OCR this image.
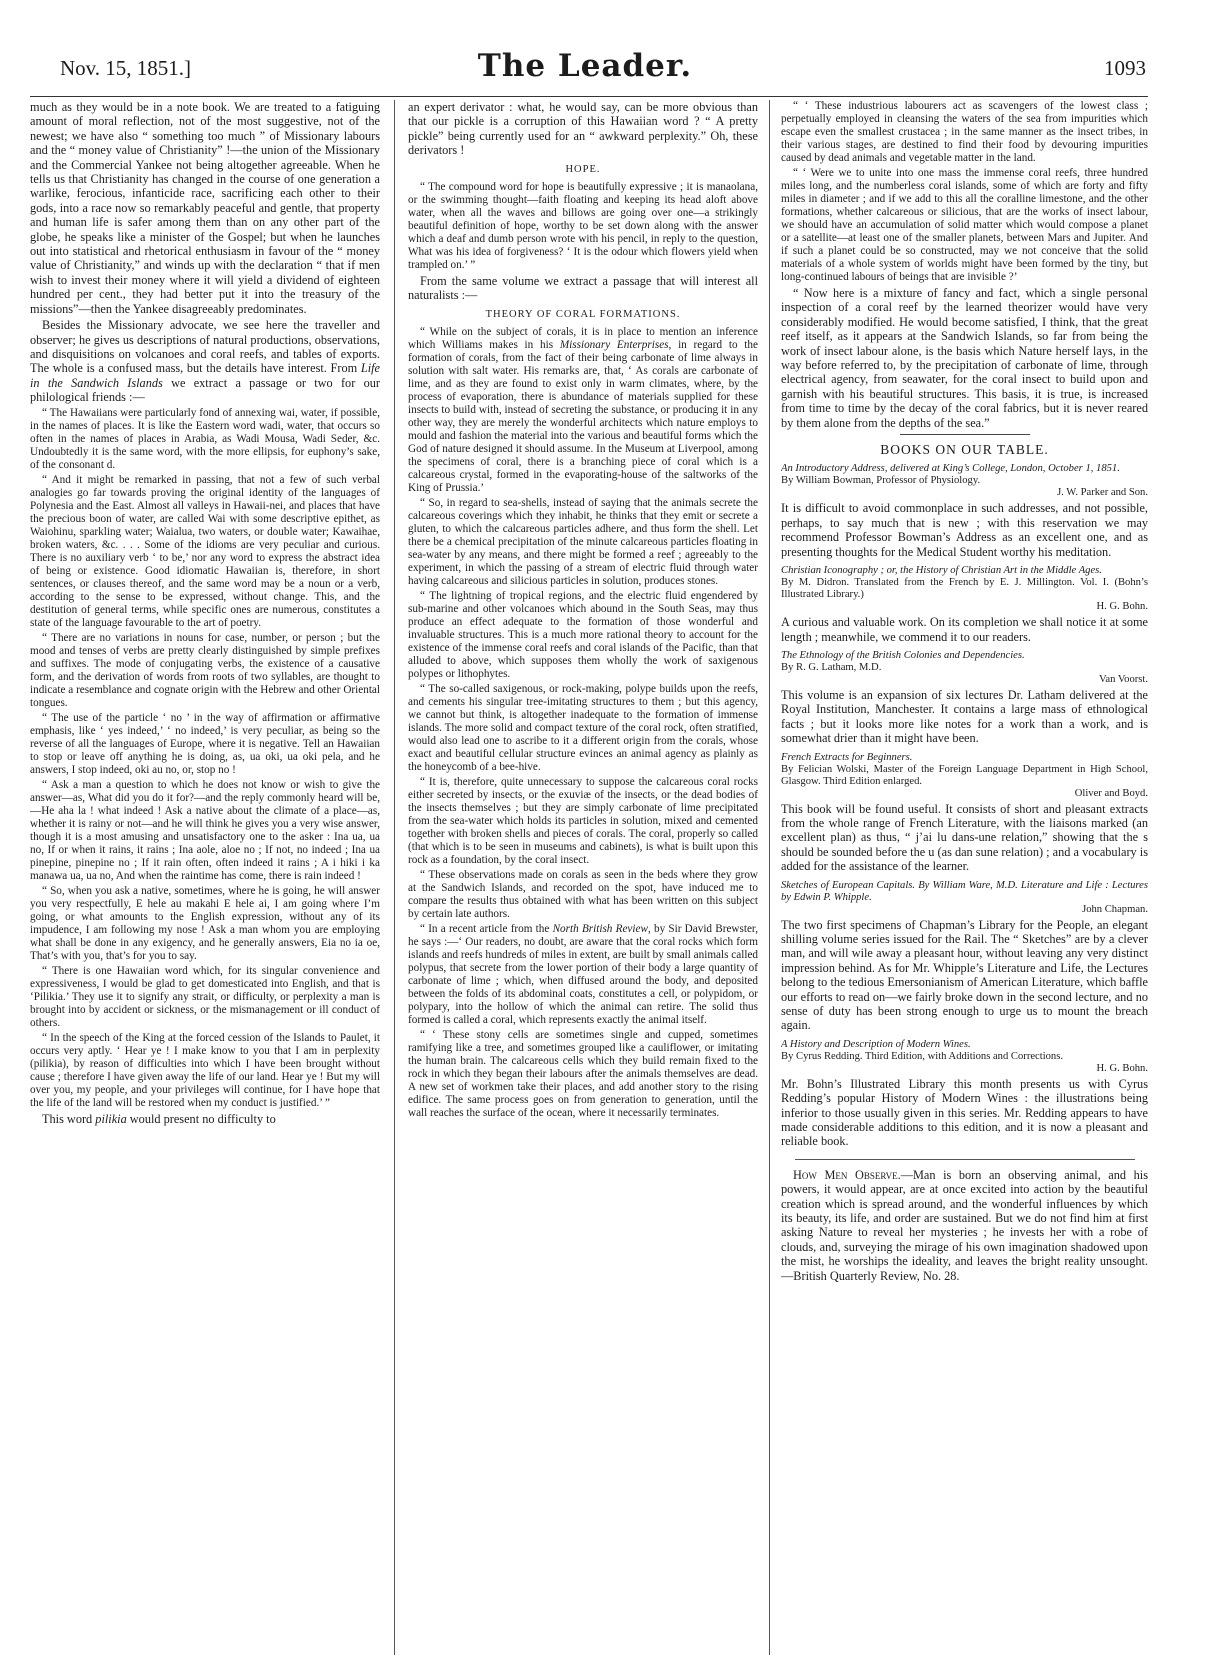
Nov. 15, 1851.]	The Leader.	1093

much as they would be in a note book. We are treated to a fatiguing amount of moral reflection, not of the most suggestive, not of the newest; we have also “ something too much ” of Missionary labours and the “ money value of Christianity” !—the union of the Missionary and the Commercial Yankee not being altogether agreeable. When he tells us that Christianity has changed in the course of one generation a warlike, ferocious, infanticide race, sacrificing each other to their gods, into a race now so remarkably peaceful and gentle, that property and human life is safer among them than on any other part of the globe, he speaks like a minister of the Gospel; but when he launches out into statistical and rhetorical enthusiasm in favour of the “ money value of Christianity,” and winds up with the declaration “ that if men wish to invest their money where it will yield a dividend of eighteen hundred per cent., they had better put it into the treasury of the missions”—then the Yankee disagreeably predominates.

Besides the Missionary advocate, we see here the traveller and observer; he gives us descriptions of natural productions, observations, and disquisitions on volcanoes and coral reefs, and tables of exports. The whole is a confused mass, but the details have interest. From Life in the Sandwich Islands we extract a passage or two for our philological friends :—

“ The Hawaiians were particularly fond of annexing wai, water, if possible, in the names of places. It is like the Eastern word wadi, water, that occurs so often in the names of places in Arabia, as Wadi Mousa, Wadi Seder, &c. Undoubtedly it is the same word, with the more ellipsis, for euphony’s sake, of the consonant d.

“ And it might be remarked in passing, that not a few of such verbal analogies go far towards proving the original identity of the languages of Polynesia and the East. Almost all valleys in Hawaii-nei, and places that have the precious boon of water, are called Wai with some descriptive epithet, as Waiohinu, sparkling water; Waialua, two waters, or double water; Kawaihae, broken waters, &c. . . . Some of the idioms are very peculiar and curious. There is no auxiliary verb ‘ to be,’ nor any word to express the abstract idea of being or existence. Good idiomatic Hawaiian is, therefore, in short sentences, or clauses thereof, and the same word may be a noun or a verb, according to the sense to be expressed, without change. This, and the destitution of general terms, while specific ones are numerous, constitutes a state of the language favourable to the art of poetry.

“ There are no variations in nouns for case, number, or person ; but the mood and tenses of verbs are pretty clearly distinguished by simple prefixes and suffixes. The mode of conjugating verbs, the existence of a causative form, and the derivation of words from roots of two syllables, are thought to indicate a resemblance and cognate origin with the Hebrew and other Oriental tongues.

“ The use of the particle ‘ no ’ in the way of affirmation or affirmative emphasis, like ‘ yes indeed,’ ‘ no indeed,’ is very peculiar, as being so the reverse of all the languages of Europe, where it is negative. Tell an Hawaiian to stop or leave off anything he is doing, as, ua oki, ua oki pela, and he answers, I stop indeed, oki au no, or, stop no !

“ Ask a man a question to which he does not know or wish to give the answer—as, What did you do it for?—and the reply commonly heard will be,—He aha la ! what indeed ! Ask a native about the climate of a place—as, whether it is rainy or not—and he will think he gives you a very wise answer, though it is a most amusing and unsatisfactory one to the asker : Ina ua, ua no, If or when it rains, it rains ; Ina aole, aloe no ; If not, no indeed ; Ina ua pinepine, pinepine no ; If it rain often, often indeed it rains ; A i hiki i ka manawa ua, ua no, And when the raintime has come, there is rain indeed !

“ So, when you ask a native, sometimes, where he is going, he will answer you very respectfully, E hele au makahi E hele ai, I am going where I’m going, or what amounts to the English expression, without any of its impudence, I am following my nose ! Ask a man whom you are employing what shall be done in any exigency, and he generally answers, Eia no ia oe, That’s with you, that’s for you to say.

“ There is one Hawaiian word which, for its singular convenience and expressiveness, I would be glad to get domesticated into English, and that is ‘Pilikia.’ They use it to signify any strait, or difficulty, or perplexity a man is brought into by accident or sickness, or the mismanagement or ill conduct of others.

“ In the speech of the King at the forced cession of the Islands to Paulet, it occurs very aptly. ‘ Hear ye ! I make know to you that I am in perplexity (pilikia), by reason of difficulties into which I have been brought without cause ; therefore I have given away the life of our land. Hear ye ! But my will over you, my people, and your privileges will continue, for I have hope that the life of the land will be restored when my conduct is justified.’ ”

This word pilikia would present no difficulty to

an expert derivator : what, he would say, can be more obvious than that our pickle is a corruption of this Hawaiian word ? “ A pretty pickle” being currently used for an “ awkward perplexity.” Oh, these derivators !

HOPE.

“ The compound word for hope is beautifully expressive ; it is manaolana, or the swimming thought—faith floating and keeping its head aloft above water, when all the waves and billows are going over one—a strikingly beautiful definition of hope, worthy to be set down along with the answer which a deaf and dumb person wrote with his pencil, in reply to the question, What was his idea of forgiveness? ‘ It is the odour which flowers yield when trampled on.’ ”

From the same volume we extract a passage that will interest all naturalists :—

THEORY OF CORAL FORMATIONS.

“ While on the subject of corals, it is in place to mention an inference which Williams makes in his Missionary Enterprises, in regard to the formation of corals, from the fact of their being carbonate of lime always in solution with salt water. His remarks are, that, ‘ As corals are carbonate of lime, and as they are found to exist only in warm climates, where, by the process of evaporation, there is abundance of materials supplied for these insects to build with, instead of secreting the substance, or producing it in any other way, they are merely the wonderful architects which nature employs to mould and fashion the material into the various and beautiful forms which the God of nature designed it should assume. In the Museum at Liverpool, among the specimens of coral, there is a branching piece of coral which is a calcareous crystal, formed in the evaporating-house of the saltworks of the King of Prussia.’

“ So, in regard to sea-shells, instead of saying that the animals secrete the calcareous coverings which they inhabit, he thinks that they emit or secrete a gluten, to which the calcareous particles adhere, and thus form the shell. Let there be a chemical precipitation of the minute calcareous particles floating in sea-water by any means, and there might be formed a reef ; agreeably to the experiment, in which the passing of a stream of electric fluid through water having calcareous and silicious particles in solution, produces stones.

“ The lightning of tropical regions, and the electric fluid engendered by sub-marine and other volcanoes which abound in the South Seas, may thus produce an effect adequate to the formation of those wonderful and invaluable structures. This is a much more rational theory to account for the existence of the immense coral reefs and coral islands of the Pacific, than that alluded to above, which supposes them wholly the work of saxigenous polypes or lithophytes.

“ The so-called saxigenous, or rock-making, polype builds upon the reefs, and cements his singular tree-imitating structures to them ; but this agency, we cannot but think, is altogether inadequate to the formation of immense islands. The more solid and compact texture of the coral rock, often stratified, would also lead one to ascribe to it a different origin from the corals, whose exact and beautiful cellular structure evinces an animal agency as plainly as the honeycomb of a bee-hive.

“ It is, therefore, quite unnecessary to suppose the calcareous coral rocks either secreted by insects, or the exuviæ of the insects, or the dead bodies of the insects themselves ; but they are simply carbonate of lime precipitated from the sea-water which holds its particles in solution, mixed and cemented together with broken shells and pieces of corals. The coral, properly so called (that which is to be seen in museums and cabinets), is what is built upon this rock as a foundation, by the coral insect.

“ These observations made on corals as seen in the beds where they grow at the Sandwich Islands, and recorded on the spot, have induced me to compare the results thus obtained with what has been written on this subject by certain late authors.

“ In a recent article from the North British Review, by Sir David Brewster, he says :—‘ Our readers, no doubt, are aware that the coral rocks which form islands and reefs hundreds of miles in extent, are built by small animals called polypus, that secrete from the lower portion of their body a large quantity of carbonate of lime ; which, when diffused around the body, and deposited between the folds of its abdominal coats, constitutes a cell, or polypidom, or polypary, into the hollow of which the animal can retire. The solid thus formed is called a coral, which represents exactly the animal itself.

“ ‘ These stony cells are sometimes single and cupped, sometimes ramifying like a tree, and sometimes grouped like a cauliflower, or imitating the human brain. The calcareous cells which they build remain fixed to the rock in which they began their labours after the animals themselves are dead. A new set of workmen take their places, and add another story to the rising edifice. The same process goes on from generation to generation, until the wall reaches the surface of the ocean, where it necessarily terminates.

“ ‘ These industrious labourers act as scavengers of the lowest class ; perpetually employed in cleansing the waters of the sea from impurities which escape even the smallest crustacea ; in the same manner as the insect tribes, in their various stages, are destined to find their food by devouring impurities caused by dead animals and vegetable matter in the land.

“ ‘ Were we to unite into one mass the immense coral reefs, three hundred miles long, and the numberless coral islands, some of which are forty and fifty miles in diameter ; and if we add to this all the coralline limestone, and the other formations, whether calcareous or silicious, that are the works of insect labour, we should have an accumulation of solid matter which would compose a planet or a satellite—at least one of the smaller planets, between Mars and Jupiter. And if such a planet could be so constructed, may we not conceive that the solid materials of a whole system of worlds might have been formed by the tiny, but long-continued labours of beings that are invisible ?’

“ Now here is a mixture of fancy and fact, which a single personal inspection of a coral reef by the learned theorizer would have very considerably modified. He would become satisfied, I think, that the great reef itself, as it appears at the Sandwich Islands, so far from being the work of insect labour alone, is the basis which Nature herself lays, in the way before referred to, by the precipitation of carbonate of lime, through electrical agency, from seawater, for the coral insect to build upon and garnish with his beautiful structures. This basis, it is true, is increased from time to time by the decay of the coral fabrics, but it is never reared by them alone from the depths of the sea.”

BOOKS ON OUR TABLE.
An Introductory Address, delivered at King’s College, London, October 1, 1851.
By William Bowman, Professor of Physiology.
J. W. Parker and Son.
It is difficult to avoid commonplace in such addresses, and not possible, perhaps, to say much that is new ; with this reservation we may recommend Professor Bowman’s Address as an excellent one, and as presenting thoughts for the Medical Student worthy his meditation.
Christian Iconography ; or, the History of Christian Art in the Middle Ages.
By M. Didron. Translated from the French by E. J. Millington. Vol. I. (Bohn’s Illustrated Library.)
H. G. Bohn.
A curious and valuable work. On its completion we shall notice it at some length ; meanwhile, we commend it to our readers.
The Ethnology of the British Colonies and Dependencies.
By R. G. Latham, M.D.
Van Voorst.
This volume is an expansion of six lectures Dr. Latham delivered at the Royal Institution, Manchester. It contains a large mass of ethnological facts ; but it looks more like notes for a work than a work, and is somewhat drier than it might have been.
French Extracts for Beginners.
By Felician Wolski, Master of the Foreign Language Department in High School, Glasgow. Third Edition enlarged.
Oliver and Boyd.
This book will be found useful. It consists of short and pleasant extracts from the whole range of French Literature, with the liaisons marked (an excellent plan) as thus, “ j’ai lu dans-une relation,” showing that the s should be sounded before the u (as dan sune relation) ; and a vocabulary is added for the assistance of the learner.
Sketches of European Capitals. By William Ware, M.D. Literature and Life : Lectures by Edwin P. Whipple.
John Chapman.
The two first specimens of Chapman’s Library for the People, an elegant shilling volume series issued for the Rail. The “ Sketches” are by a clever man, and will wile away a pleasant hour, without leaving any very distinct impression behind. As for Mr. Whipple’s Literature and Life, the Lectures belong to the tedious Emersonianism of American Literature, which baffle our efforts to read on—we fairly broke down in the second lecture, and no sense of duty has been strong enough to urge us to mount the breach again.
A History and Description of Modern Wines.
By Cyrus Redding. Third Edition, with Additions and Corrections.
H. G. Bohn.
Mr. Bohn’s Illustrated Library this month presents us with Cyrus Redding’s popular History of Modern Wines : the illustrations being inferior to those usually given in this series. Mr. Redding appears to have made considerable additions to this edition, and it is now a pleasant and reliable book.

How Men Observe.—Man is born an observing animal, and his powers, it would appear, are at once excited into action by the beautiful creation which is spread around, and the wonderful influences by which its beauty, its life, and order are sustained. But we do not find him at first asking Nature to reveal her mysteries ; he invests her with a robe of clouds, and, surveying the mirage of his own imagination shadowed upon the mist, he worships the ideality, and leaves the bright reality unsought.—British Quarterly Review, No. 28.
